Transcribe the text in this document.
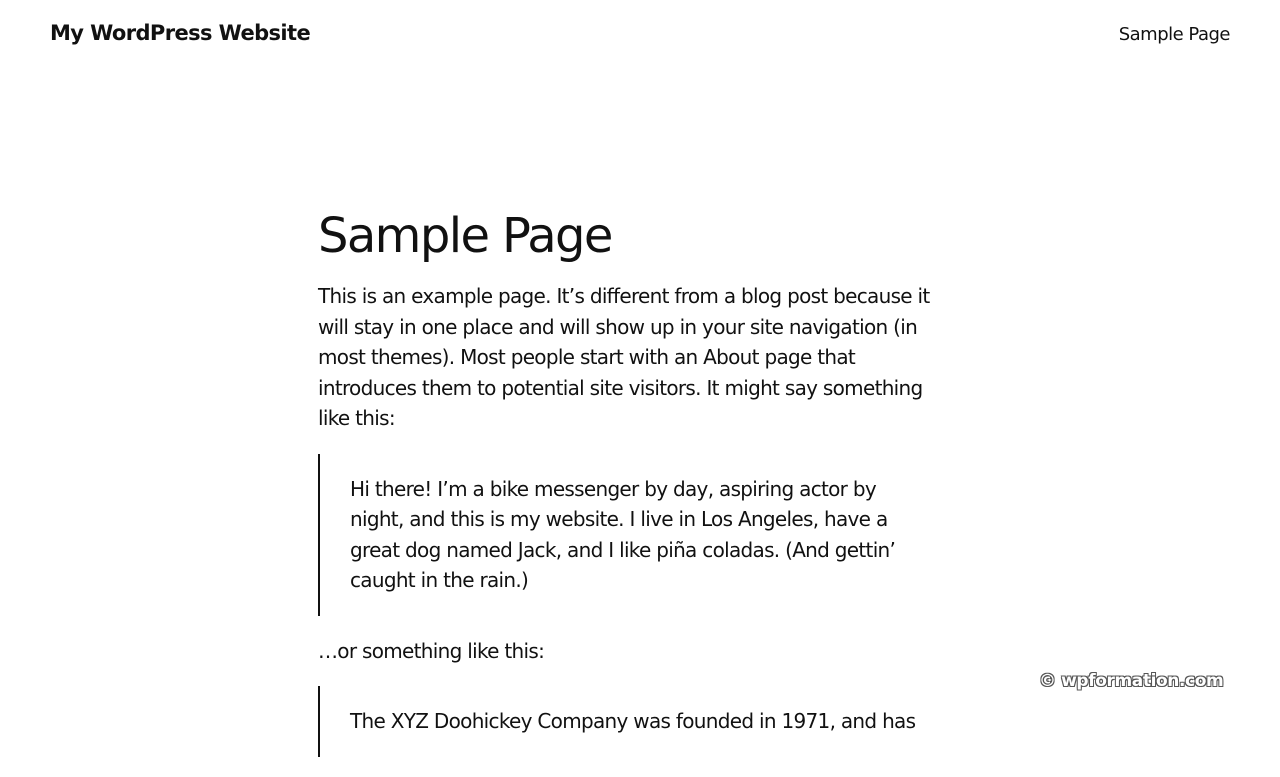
My WordPress Website	Sample Page
Sample Page

This is an example page. It’s different from a blog post because it will stay in one place and will show up in your site navigation (in most themes). Most people start with an About page that introduces them to potential site visitors. It might say something like this:

Hi there! I’m a bike messenger by day, aspiring actor by night, and this is my website. I live in Los Angeles, have a great dog named Jack, and I like piña coladas. (And gettin’ caught in the rain.)

…or something like this:

The XYZ Doohickey Company was founded in 1971, and has

© wpformation.com
